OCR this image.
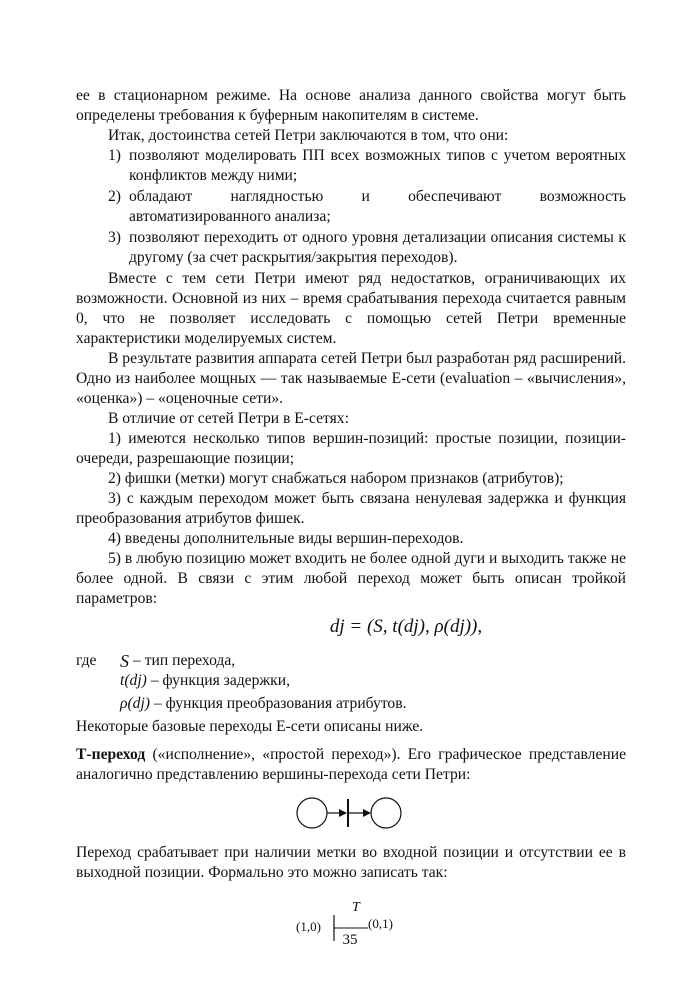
ее в стационарном режиме. На основе анализа данного свойства могут быть определены требования к буферным накопителям в системе.

Итак, достоинства сетей Петри заключаются в том, что они:

1) позволяют моделировать ПП всех возможных типов с учетом вероятных конфликтов между ними;
2) обладают наглядностью и обеспечивают возможность автоматизированного анализа;
3) позволяют переходить от одного уровня детализации описания системы к другому (за счет раскрытия/закрытия переходов).

Вместе с тем сети Петри имеют ряд недостатков, ограничивающих их возможности. Основной из них – время срабатывания перехода считается равным 0, что не позволяет исследовать с помощью сетей Петри временные характеристики моделируемых систем.

В результате развития аппарата сетей Петри был разработан ряд расширений. Одно из наиболее мощных — так называемые Е-сети (evaluation – «вычисления», «оценка») – «оценочные сети».

В отличие от сетей Петри в Е-сетях:

1) имеются несколько типов вершин-позиций: простые позиции, позиции-очереди, разрешающие позиции;

2) фишки (метки) могут снабжаться набором признаков (атрибутов);

3) с каждым переходом может быть связана ненулевая задержка и функция преобразования атрибутов фишек.

4) введены дополнительные виды вершин-переходов.

5) в любую позицию может входить не более одной дуги и выходить также не более одной. В связи с этим любой переход может быть описан тройкой параметров:

dj = (S, t(dj), ρ(dj)),
где	S – тип перехода,
t(dj) – функция задержки,
ρ(dj) – функция преобразования атрибутов.

Некоторые базовые переходы Е-сети описаны ниже.

Т-переход («исполнение», «простой переход»). Его графическое представление аналогично представлению вершины-перехода сети Петри:

Переход срабатывает при наличии метки во входной позиции и отсутствии ее в выходной позиции. Формально это можно записать так:

T
(1,0)	(0,1)
35
